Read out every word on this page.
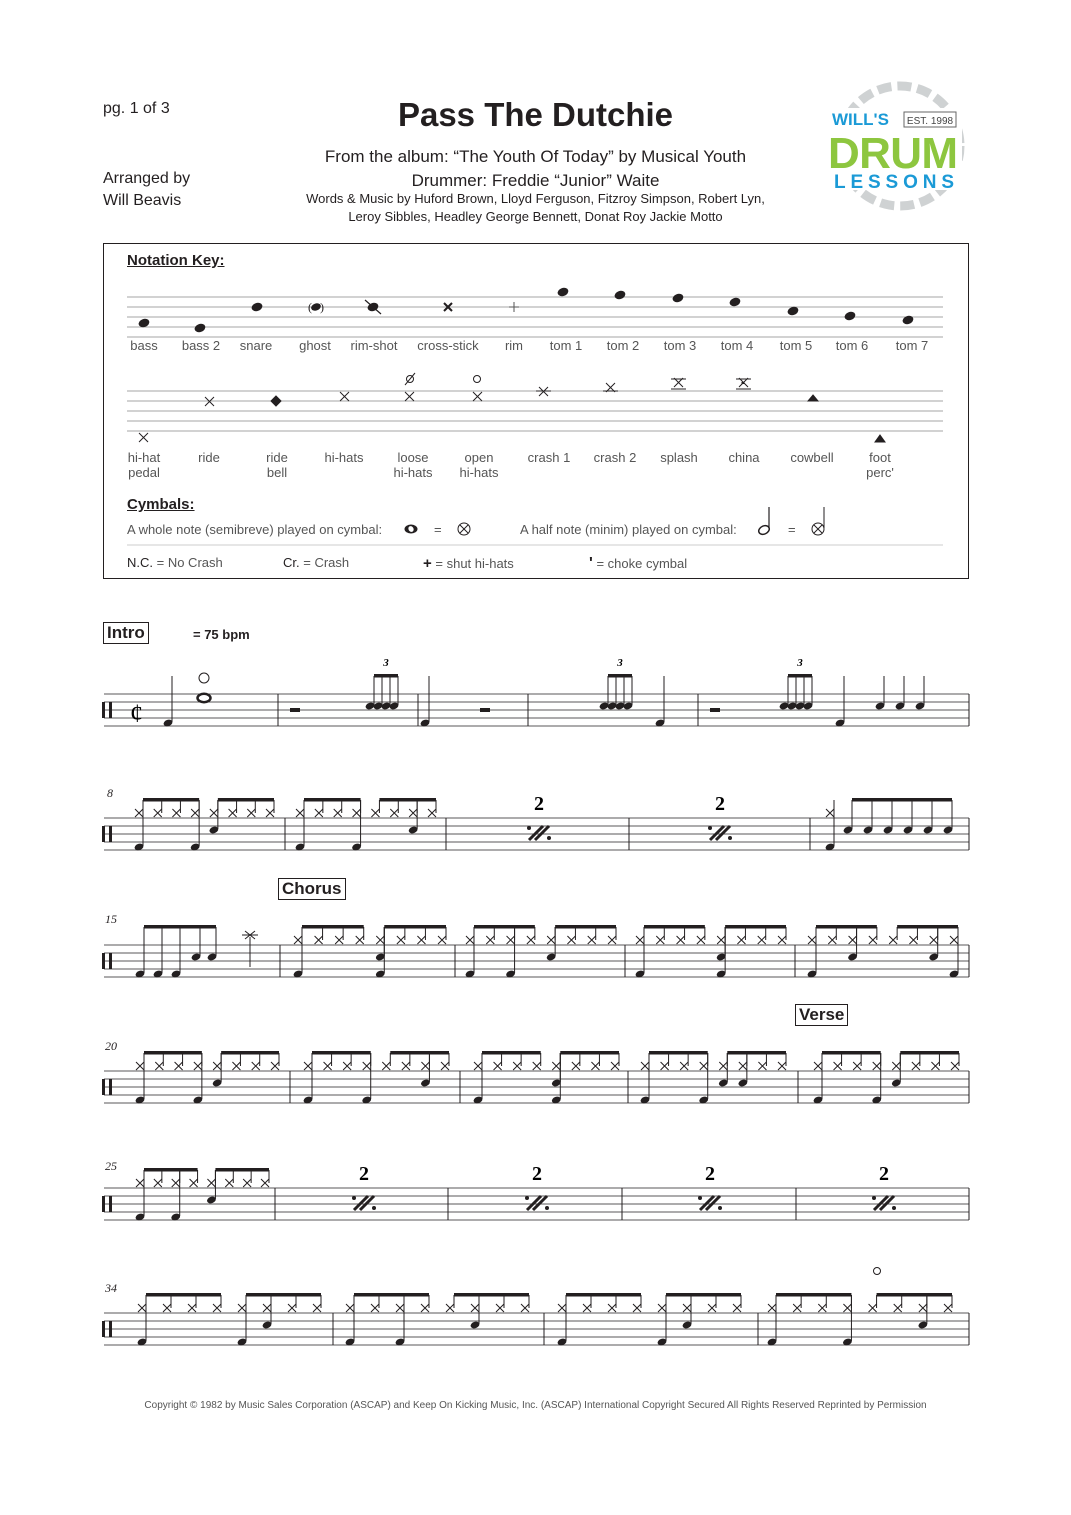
pg. 1 of 3	Pass The Dutchie
From the album: “The Youth Of Today” by Musical Youth
Drummer: Freddie “Junior” Waite
Words & Music by Huford Brown, Lloyd Ferguson, Fitzroy Simpson, Robert Lyn, Leroy Sibbles, Headley George Bennett, Donat Roy Jackie Motto
Arranged by
Will Beavis
WILL'S EST. 1998
DRUM
LESSONS
Notation Key:
( )
bass	bass 2	snare	ghost	rim-shot	cross-stick	rim	tom 1	tom 2	tom 3	tom 4	tom 5	tom 6	tom 7
hi-hat
pedal
ride	ride
bell
hi-hats	loose
hi-hats
open
hi-hats
crash 1	crash 2	splash	china	cowbell	foot
perc'
Cymbals:
A whole note (semibreve) played on cymbal:	=	A half note (minim) played on cymbal:	=
N.C. = No Crash	Cr. = Crash	+ = shut hi-hats	' = choke cymbal
Intro	= 75 bpm
Chorus
Verse
8
15
20
25
34
¢
3	3	3
2	2
2	2	2	2
Copyright © 1982 by Music Sales Corporation (ASCAP) and Keep On Kicking Music, Inc. (ASCAP) International Copyright Secured All Rights Reserved Reprinted by Permission
